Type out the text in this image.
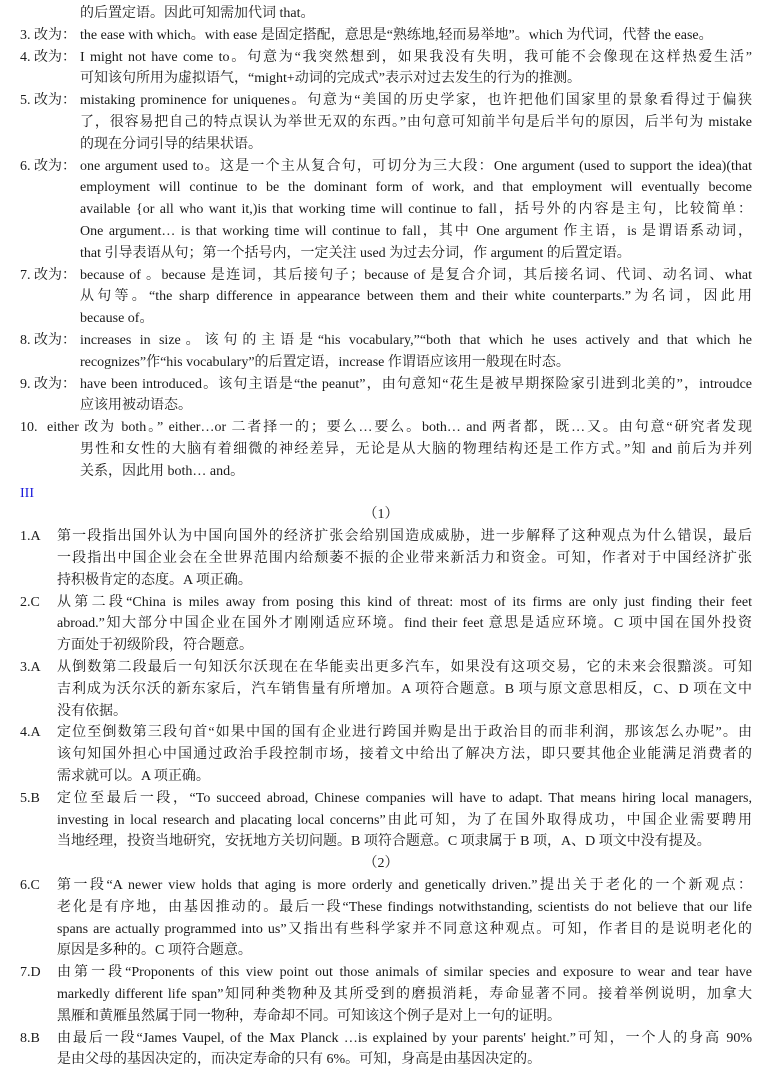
的后置定语。因此可知需加代词 that。
3. 改为： the ease with which。with ease 是固定搭配，意思是“熟练地,轻而易举地”。which 为代词，代替 the ease。
4. 改为： I might not have come to。句意为“我突然想到，如果我没有失明，我可能不会像现在这样热爱生活”
可知该句所用为虚拟语气，“might+动词的完成式”表示对过去发生的行为的推测。
5. 改为： mistaking prominence for uniquenes。句意为“美国的历史学家，也许把他们国家里的景象看得过于偏狭
了，很容易把自己的特点误认为举世无双的东西。”由句意可知前半句是后半句的原因，后半句为 mistake
的现在分词引导的结果状语。
6. 改为： one argument used to。这是一个主从复合句，可切分为三大段：One argument (used to support the idea)(that
employment will continue to be the dominant form of work, and that employment will eventually become
available {or all who want it,)is that working time will continue to fall，括号外的内容是主句，比较简单：
One argument… is that working time will continue to fall，其中 One argument 作主语，is 是谓语系动词，
that 引导表语从句；第一个括号内，一定关注 used 为过去分词，作 argument 的后置定语。
7. 改为： because of 。because 是连词，其后接句子；because of 是复合介词，其后接名词、代词、动名词、what
从句等。“the sharp difference in appearance between them and their white counterparts.”为名词，因此用
because of。
8. 改为： increases in size。该句的主语是“his vocabulary,”“both that which he uses actively and that which he
recognizes”作“his vocabulary”的后置定语，increase 作谓语应该用一般现在时态。
9. 改为： have been introduced。该句主语是“the peanut”，由句意知“花生是被早期探险家引进到北美的”，introudce
应该用被动语态。
10. either 改为 both。” either…or 二者择一的；要么…要么。both… and 两者都，既…又。由句意“研究者发现
男性和女性的大脑有着细微的神经差异，无论是从大脑的物理结构还是工作方式。”知 and 前后为并列
关系，因此用 both… and。
III
（1）
1.A 第一段指出国外认为中国向国外的经济扩张会给别国造成威胁，进一步解释了这种观点为什么错误，最后
一段指出中国企业会在全世界范围内给颓萎不振的企业带来新活力和资金。可知，作者对于中国经济扩张
持积极肯定的态度。A 项正确。
2.C 从第二段“China is miles away from posing this kind of threat: most of its firms are only just finding their feet
abroad.”知大部分中国企业在国外才刚刚适应环境。find their feet 意思是适应环境。C 项中国在国外投资
方面处于初级阶段，符合题意。
3.A 从倒数第二段最后一句知沃尔沃现在在华能卖出更多汽车，如果没有这项交易，它的未来会很黯淡。可知
吉利成为沃尔沃的新东家后，汽车销售量有所增加。A 项符合题意。B 项与原文意思相反，C、D 项在文中
没有依据。
4.A 定位至倒数第三段句首“如果中国的国有企业进行跨国并购是出于政治目的而非利润，那该怎么办呢”。由
该句知国外担心中国通过政治手段控制市场，接着文中给出了解决方法，即只要其他企业能满足消费者的
需求就可以。A 项正确。
5.B 定位至最后一段，“To succeed abroad, Chinese companies will have to adapt. That means hiring local managers,
investing in local research and placating local concerns”由此可知，为了在国外取得成功，中国企业需要聘用
当地经理，投资当地研究，安抚地方关切问题。B 项符合题意。C 项隶属于 B 项，A、D 项文中没有提及。
（2）
6.C 第一段“A newer view holds that aging is more orderly and genetically driven.”提出关于老化的一个新观点：
老化是有序地，由基因推动的。最后一段“These findings notwithstanding, scientists do not believe that our life
spans are actually programmed into us”又指出有些科学家并不同意这种观点。可知，作者目的是说明老化的
原因是多种的。C 项符合题意。
7.D 由第一段“Proponents of this view point out those animals of similar species and exposure to wear and tear have
markedly different life span”知同种类物种及其所受到的磨损消耗，寿命显著不同。接着举例说明，加拿大
黑雁和黄雁虽然属于同一物种，寿命却不同。可知该这个例子是对上一句的证明。
8.B 由最后一段“James Vaupel, of the Max Planck …is explained by your parents' height.”可知，一个人的身高 90%
是由父母的基因决定的，而决定寿命的只有 6%。可知，身高是由基因决定的。
